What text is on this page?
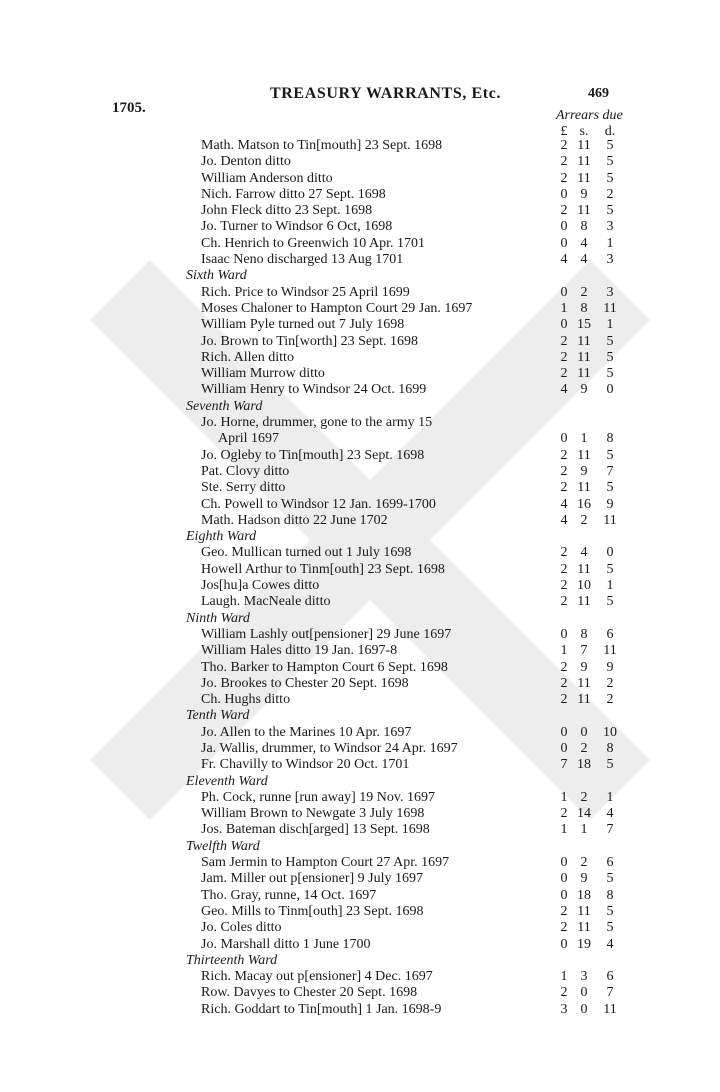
1705.
TREASURY WARRANTS, Etc.	469
Arrears due
£ s.	d.
Math. Matson to Tin[mouth] 23 Sept. 1698	2 11	5
Jo. Denton ditto	2 11	5
William Anderson ditto	2 11	5
Nich. Farrow ditto 27 Sept. 1698	0 9	2
John Fleck ditto 23 Sept. 1698	2 11	5
Jo. Turner to Windsor 6 Oct, 1698	0 8	3
Ch. Henrich to Greenwich 10 Apr. 1701	0 4	1
Isaac Neno discharged 13 Aug 1701	4 4	3
Sixth Ward
Rich. Price to Windsor 25 April 1699	0 2	3
Moses Chaloner to Hampton Court 29 Jan. 1697	1 8	11
William Pyle turned out 7 July 1698	0 15	1
Jo. Brown to Tin[worth] 23 Sept. 1698	2 11	5
Rich. Allen ditto	2 11	5
William Murrow ditto	2 11	5
William Henry to Windsor 24 Oct. 1699	4 9	0
Seventh Ward
Jo. Horne, drummer, gone to the army 15
April 1697	0 1	8
Jo. Ogleby to Tin[mouth] 23 Sept. 1698	2 11	5
Pat. Clovy ditto	2 9	7
Ste. Serry ditto	2 11	5
Ch. Powell to Windsor 12 Jan. 1699-1700	4 16	9
Math. Hadson ditto 22 June 1702	4 2	11
Eighth Ward
Geo. Mullican turned out 1 July 1698	2 4	0
Howell Arthur to Tinm[outh] 23 Sept. 1698	2 11	5
Jos[hu]a Cowes ditto	2 10	1
Laugh. MacNeale ditto	2 11	5
Ninth Ward
William Lashly out[pensioner] 29 June 1697	0 8	6
William Hales ditto 19 Jan. 1697-8	1 7	11
Tho. Barker to Hampton Court 6 Sept. 1698	2 9	9
Jo. Brookes to Chester 20 Sept. 1698	2 11	2
Ch. Hughs ditto	2 11	2
Tenth Ward
Jo. Allen to the Marines 10 Apr. 1697	0 0	10
Ja. Wallis, drummer, to Windsor 24 Apr. 1697	0 2	8
Fr. Chavilly to Windsor 20 Oct. 1701	7 18	5
Eleventh Ward
Ph. Cock, runne [run away] 19 Nov. 1697	1 2	1
William Brown to Newgate 3 July 1698	2 14	4
Jos. Bateman disch[arged] 13 Sept. 1698	1 1	7
Twelfth Ward
Sam Jermin to Hampton Court 27 Apr. 1697	0 2	6
Jam. Miller out p[ensioner] 9 July 1697	0 9	5
Tho. Gray, runne, 14 Oct. 1697	0 18	8
Geo. Mills to Tinm[outh] 23 Sept. 1698	2 11	5
Jo. Coles ditto	2 11	5
Jo. Marshall ditto 1 June 1700	0 19	4
Thirteenth Ward
Rich. Macay out p[ensioner] 4 Dec. 1697	1 3	6
Row. Davyes to Chester 20 Sept. 1698	2 0	7
Rich. Goddart to Tin[mouth] 1 Jan. 1698-9	3 0	11
